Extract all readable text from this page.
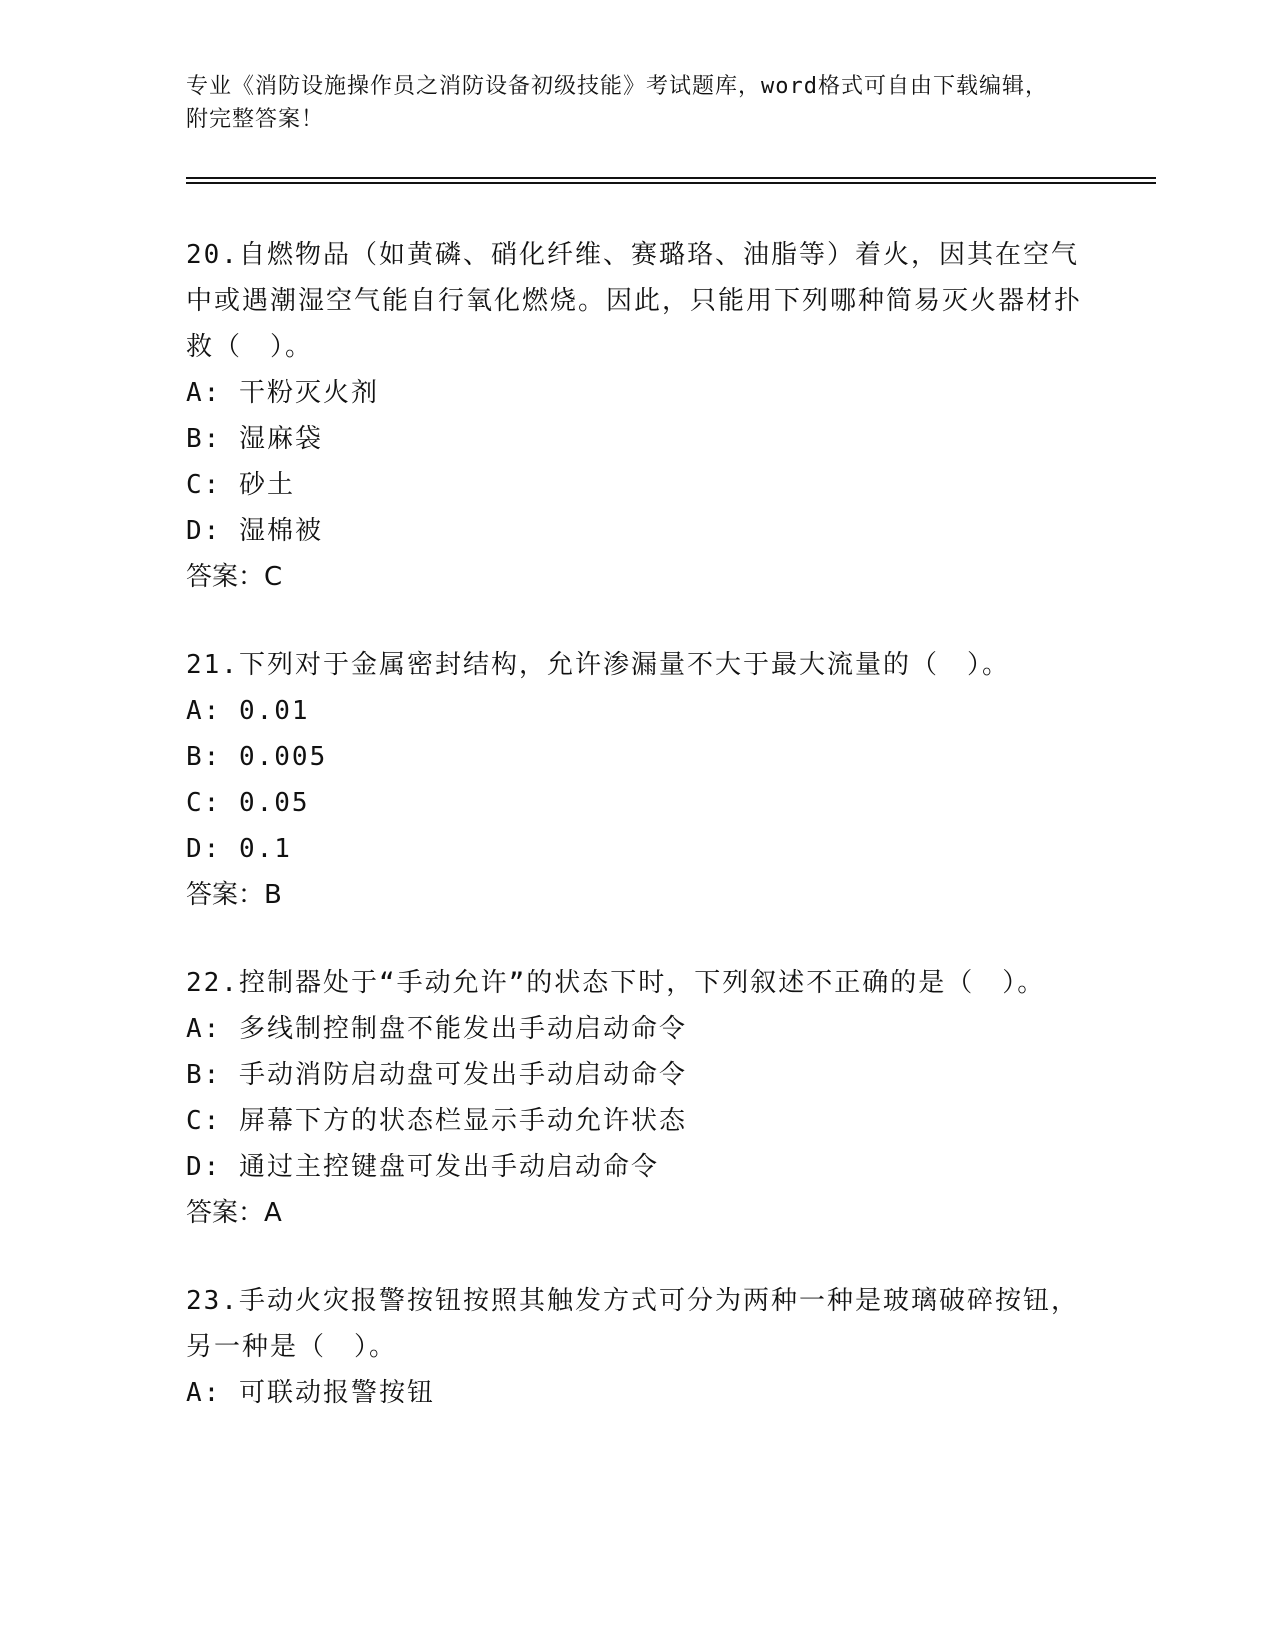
专业《消防设施操作员之消防设备初级技能》考试题库，word格式可自由下载编辑，附完整答案！

20.自燃物品（如黄磷、硝化纤维、赛璐珞、油脂等）着火，因其在空气中或遇潮湿空气能自行氧化燃烧。因此，只能用下列哪种简易灭火器材扑救（　）。

A: 干粉灭火剂

B: 湿麻袋

C: 砂土

D: 湿棉被

答案：C

21.下列对于金属密封结构，允许渗漏量不大于最大流量的（　）。

A: 0.01

B: 0.005

C: 0.05

D: 0.1

答案：B

22.控制器处于“手动允许”的状态下时，下列叙述不正确的是（　）。

A: 多线制控制盘不能发出手动启动命令

B: 手动消防启动盘可发出手动启动命令

C: 屏幕下方的状态栏显示手动允许状态

D: 通过主控键盘可发出手动启动命令

答案：A

23.手动火灾报警按钮按照其触发方式可分为两种一种是玻璃破碎按钮，另一种是（　）。

A: 可联动报警按钮
